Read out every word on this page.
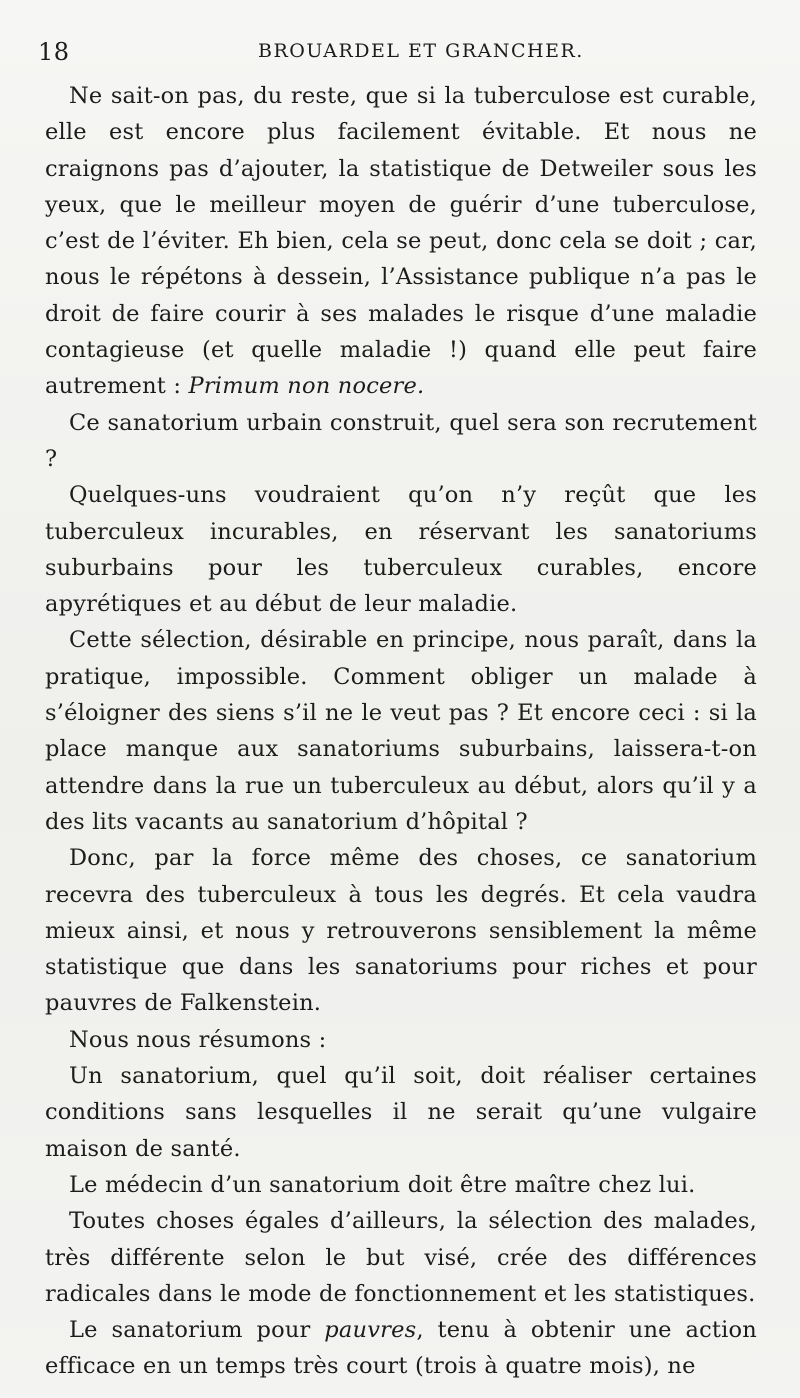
18	BROUARDEL ET GRANCHER.

Ne sait-on pas, du reste, que si la tuberculose est curable, elle est encore plus facilement évitable. Et nous ne craignons pas d’ajouter, la statistique de Detweiler sous les yeux, que le meilleur moyen de guérir d’une tuberculose, c’est de l’éviter. Eh bien, cela se peut, donc cela se doit ; car, nous le répétons à dessein, l’Assistance publique n’a pas le droit de faire courir à ses malades le risque d’une maladie contagieuse (et quelle maladie !) quand elle peut faire autrement : Primum non nocere.

Ce sanatorium urbain construit, quel sera son recrutement ?

Quelques-uns voudraient qu’on n’y reçût que les tuberculeux incurables, en réservant les sanatoriums suburbains pour les tuberculeux curables, encore apyrétiques et au début de leur maladie.

Cette sélection, désirable en principe, nous paraît, dans la pratique, impossible. Comment obliger un malade à s’éloigner des siens s’il ne le veut pas ? Et encore ceci : si la place manque aux sanatoriums suburbains, laissera-t-on attendre dans la rue un tuberculeux au début, alors qu’il y a des lits vacants au sanatorium d’hôpital ?

Donc, par la force même des choses, ce sanatorium recevra des tuberculeux à tous les degrés. Et cela vaudra mieux ainsi, et nous y retrouverons sensiblement la même statistique que dans les sanatoriums pour riches et pour pauvres de Falkenstein.

Nous nous résumons :

Un sanatorium, quel qu’il soit, doit réaliser certaines conditions sans lesquelles il ne serait qu’une vulgaire maison de santé.

Le médecin d’un sanatorium doit être maître chez lui.

Toutes choses égales d’ailleurs, la sélection des malades, très différente selon le but visé, crée des différences radicales dans le mode de fonctionnement et les statistiques.

Le sanatorium pour pauvres, tenu à obtenir une action efficace en un temps très court (trois à quatre mois), ne
